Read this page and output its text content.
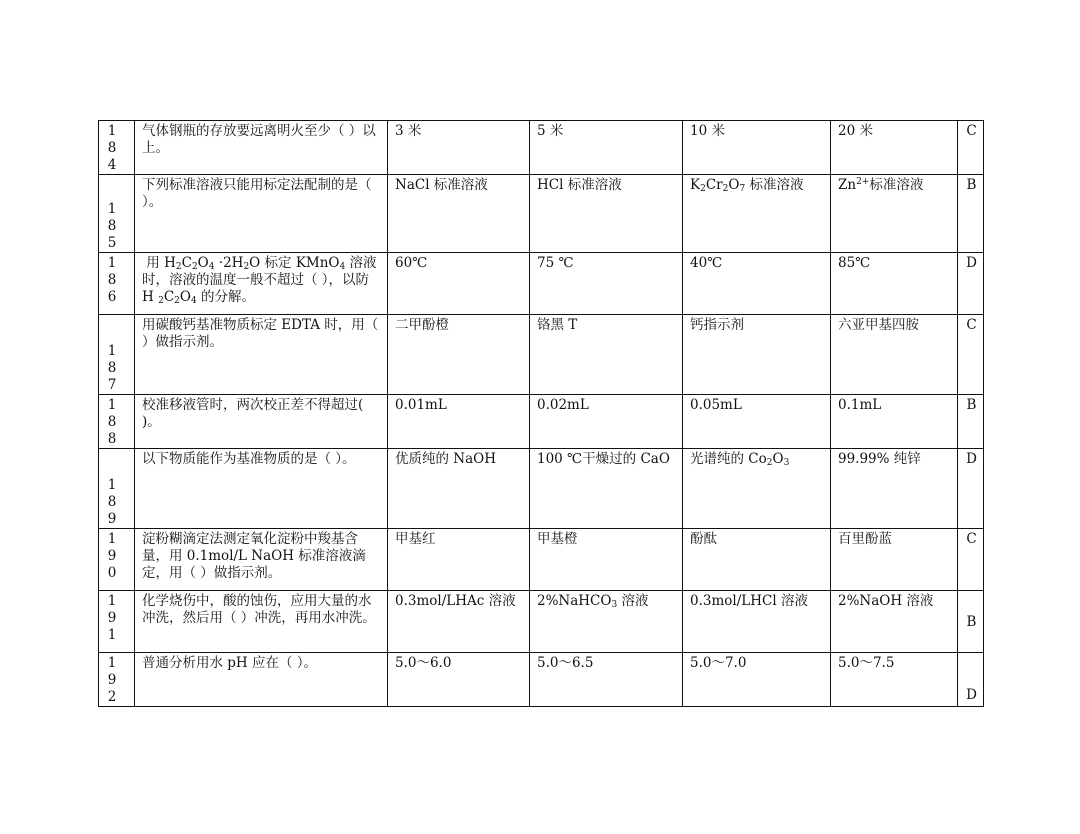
184	气体钢瓶的存放要远离明火至少（ ）以上。	3 米	5 米	10 米	20 米	C

185	下列标准溶液只能用标定法配制的是（ ）。	NaCl 标准溶液	HCl 标准溶液	$K_2Cr_2O_7$ 标准溶液	$Zn^{2+}$标准溶液	B

186	用 $H_2C_2O_4 \cdot 2H_2O$ 标定 KMnO$_4$ 溶液时，溶液的温度一般不超过（ ），以防 H $_2C_2O_4$ 的分解。	60℃	75 ℃	40℃	85℃	D

187	用碳酸钙基准物质标定 EDTA 时，用（ ）做指示剂。	二甲酚橙	铬黑 T	钙指示剂	六亚甲基四胺	C

188	校准移液管时，两次校正差不得超过( )。	0.01mL	0.02mL	0.05mL	0.1mL	B

189	以下物质能作为基准物质的是（ ）。	优质纯的 NaOH	100 ℃干燥过的 CaO	光谱纯的 $Co_2O_3$	99.99% 纯锌	D

190	淀粉糊滴定法测定氧化淀粉中羧基含量，用 0.1mol/L NaOH 标准溶液滴定，用（ ）做指示剂。	甲基红	甲基橙	酚酞	百里酚蓝	C

191	化学烧伤中，酸的蚀伤，应用大量的水冲洗，然后用（ ）冲洗，再用水冲洗。	0.3mol/LHAc 溶液	2%NaHCO$_3$ 溶液	0.3mol/LHCl 溶液	2%NaOH 溶液	B

192	普通分析用水 pH 应在（ ）。	5.0～6.0	5.0～6.5	5.0～7.0	5.0～7.5	D
